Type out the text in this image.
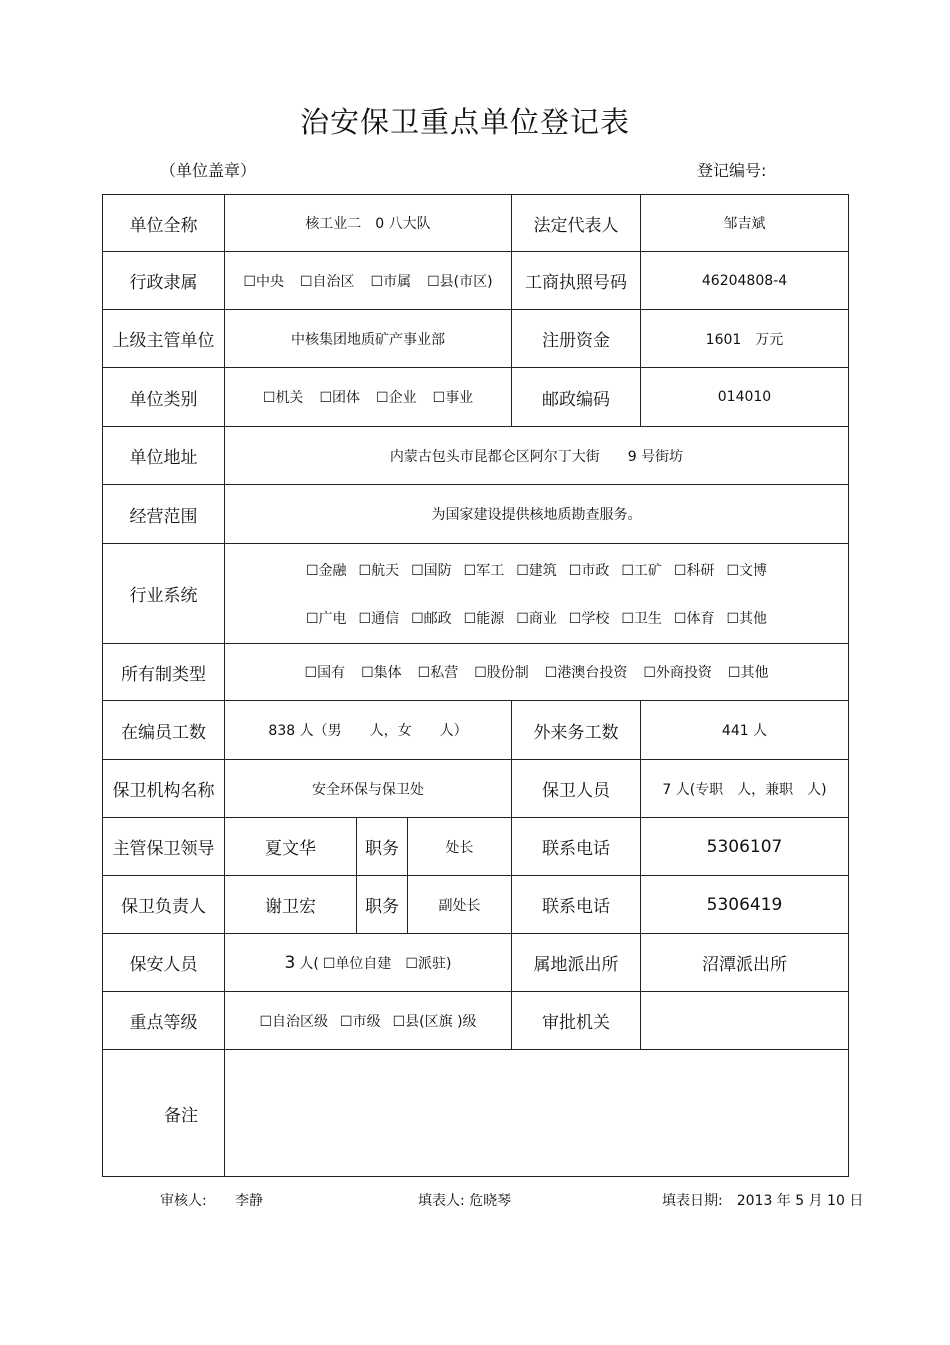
治安保卫重点单位登记表
（单位盖章）	登记编号:
单位全称	核工业二　0 八大队	法定代表人	邹吉斌
行政隶属	☐ 中央	☐ 自治区	☐ 市属	☐ 县(市区)	工商执照号码	46204808-4
上级主管单位	中核集团地质矿产事业部	注册资金	1601　万元
单位类别	☐ 机关	☐ 团体	☐ 企业	☐ 事业	邮政编码	014010
单位地址	内蒙古包头市昆都仑区阿尔丁大街　　9 号街坊
经营范围	为国家建设提供核地质勘查服务。
行业系统
☐ 金融	☐ 航天	☐ 国防	☐ 军工	☐ 建筑	☐ 市政	☐ 工矿	☐ 科研	☐ 文博
☐ 广电	☐ 通信	☐ 邮政	☐ 能源	☐ 商业	☐ 学校	☐ 卫生	☐ 体育	☐ 其他
所有制类型	☐ 国有	☐ 集体	☐ 私营	☐ 股份制	☐ 港澳台投资	☐ 外商投资	☐ 其他
在编员工数	838 人（男　　人，女　　人）	外来务工数	441 人
保卫机构名称	安全环保与保卫处	保卫人员	7 人(专职　人，兼职　人)
主管保卫领导	夏文华	职务	处长	联系电话	5306107
保卫负责人	谢卫宏	职务	副处长	联系电话	5306419
保安人员	3 人(	☐ 单位自建	☐ 派驻)	属地派出所	沼潭派出所
重点等级	☐ 自治区级	☐ 市级	☐ 县(区旗 )级	审批机关
备注
审核人: 李静	填表人: 危晓琴	填表日期:　2013 年 5 月 10 日
